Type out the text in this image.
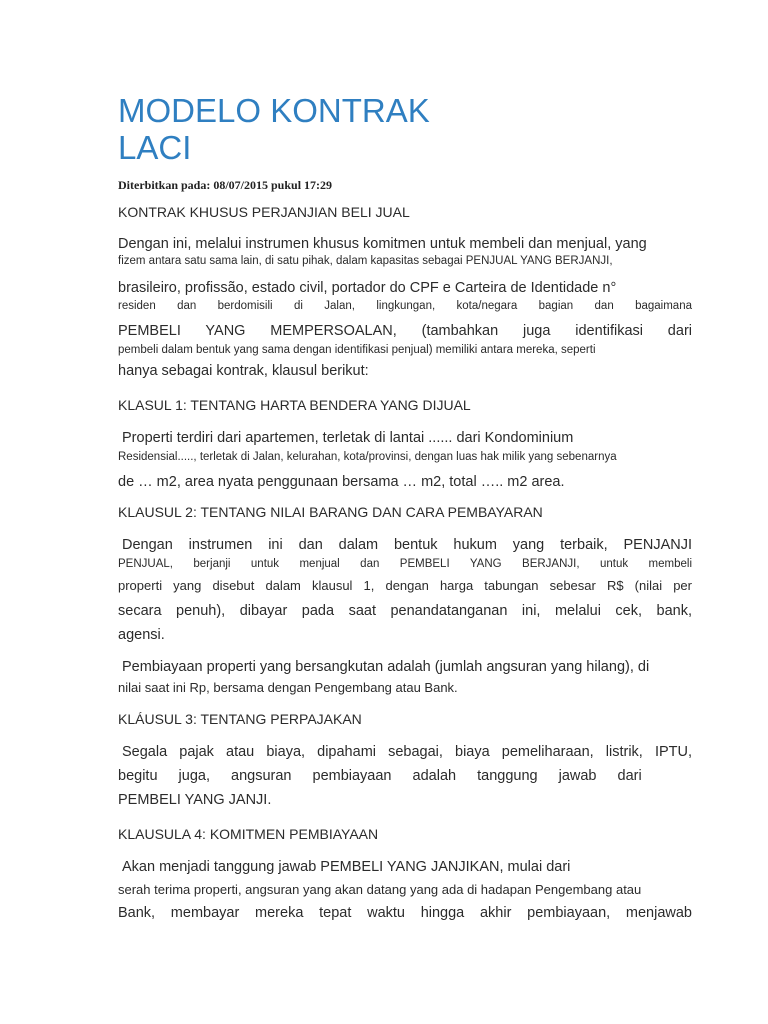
MODELO KONTRAK
LACI
Diterbitkan pada: 08/07/2015 pukul 17:29
KONTRAK KHUSUS PERJANJIAN BELI JUAL

Dengan ini, melalui instrumen khusus komitmen untuk membeli dan menjual, yang
fizem antara satu sama lain, di satu pihak, dalam kapasitas sebagai PENJUAL YANG BERJANJI,
brasileiro, profissão, estado civil, portador do CPF e Carteira de Identidade n°
residen dan berdomisili di Jalan, lingkungan, kota/negara bagian dan bagaimana
PEMBELI YANG MEMPERSOALAN, (tambahkan juga identifikasi dari
pembeli dalam bentuk yang sama dengan identifikasi penjual) memiliki antara mereka, seperti
hanya sebagai kontrak, klausul berikut:

KLASUL 1: TENTANG HARTA BENDERA YANG DIJUAL

Properti terdiri dari apartemen, terletak di lantai ...... dari Kondominium
Residensial....., terletak di Jalan, kelurahan, kota/provinsi, dengan luas hak milik yang sebenarnya
de … m2, area nyata penggunaan bersama … m2, total ….. m2 area.

KLAUSUL 2: TENTANG NILAI BARANG DAN CARA PEMBAYARAN

Dengan instrumen ini dan dalam bentuk hukum yang terbaik, PENJANJI
PENJUAL, berjanji untuk menjual dan PEMBELI YANG BERJANJI, untuk membeli
properti yang disebut dalam klausul 1, dengan harga tabungan sebesar R$ (nilai per
secara penuh), dibayar pada saat penandatanganan ini, melalui cek, bank,
agensi.

Pembiayaan properti yang bersangkutan adalah (jumlah angsuran yang hilang), di
nilai saat ini Rp, bersama dengan Pengembang atau Bank.

KLÁUSUL 3: TENTANG PERPAJAKAN

Segala pajak atau biaya, dipahami sebagai, biaya pemeliharaan, listrik, IPTU,
begitu juga, angsuran pembiayaan adalah tanggung jawab dari
PEMBELI YANG JANJI.

KLAUSULA 4: KOMITMEN PEMBIAYAAN

Akan menjadi tanggung jawab PEMBELI YANG JANJIKAN, mulai dari
serah terima properti, angsuran yang akan datang yang ada di hadapan Pengembang atau
Bank, membayar mereka tepat waktu hingga akhir pembiayaan, menjawab
